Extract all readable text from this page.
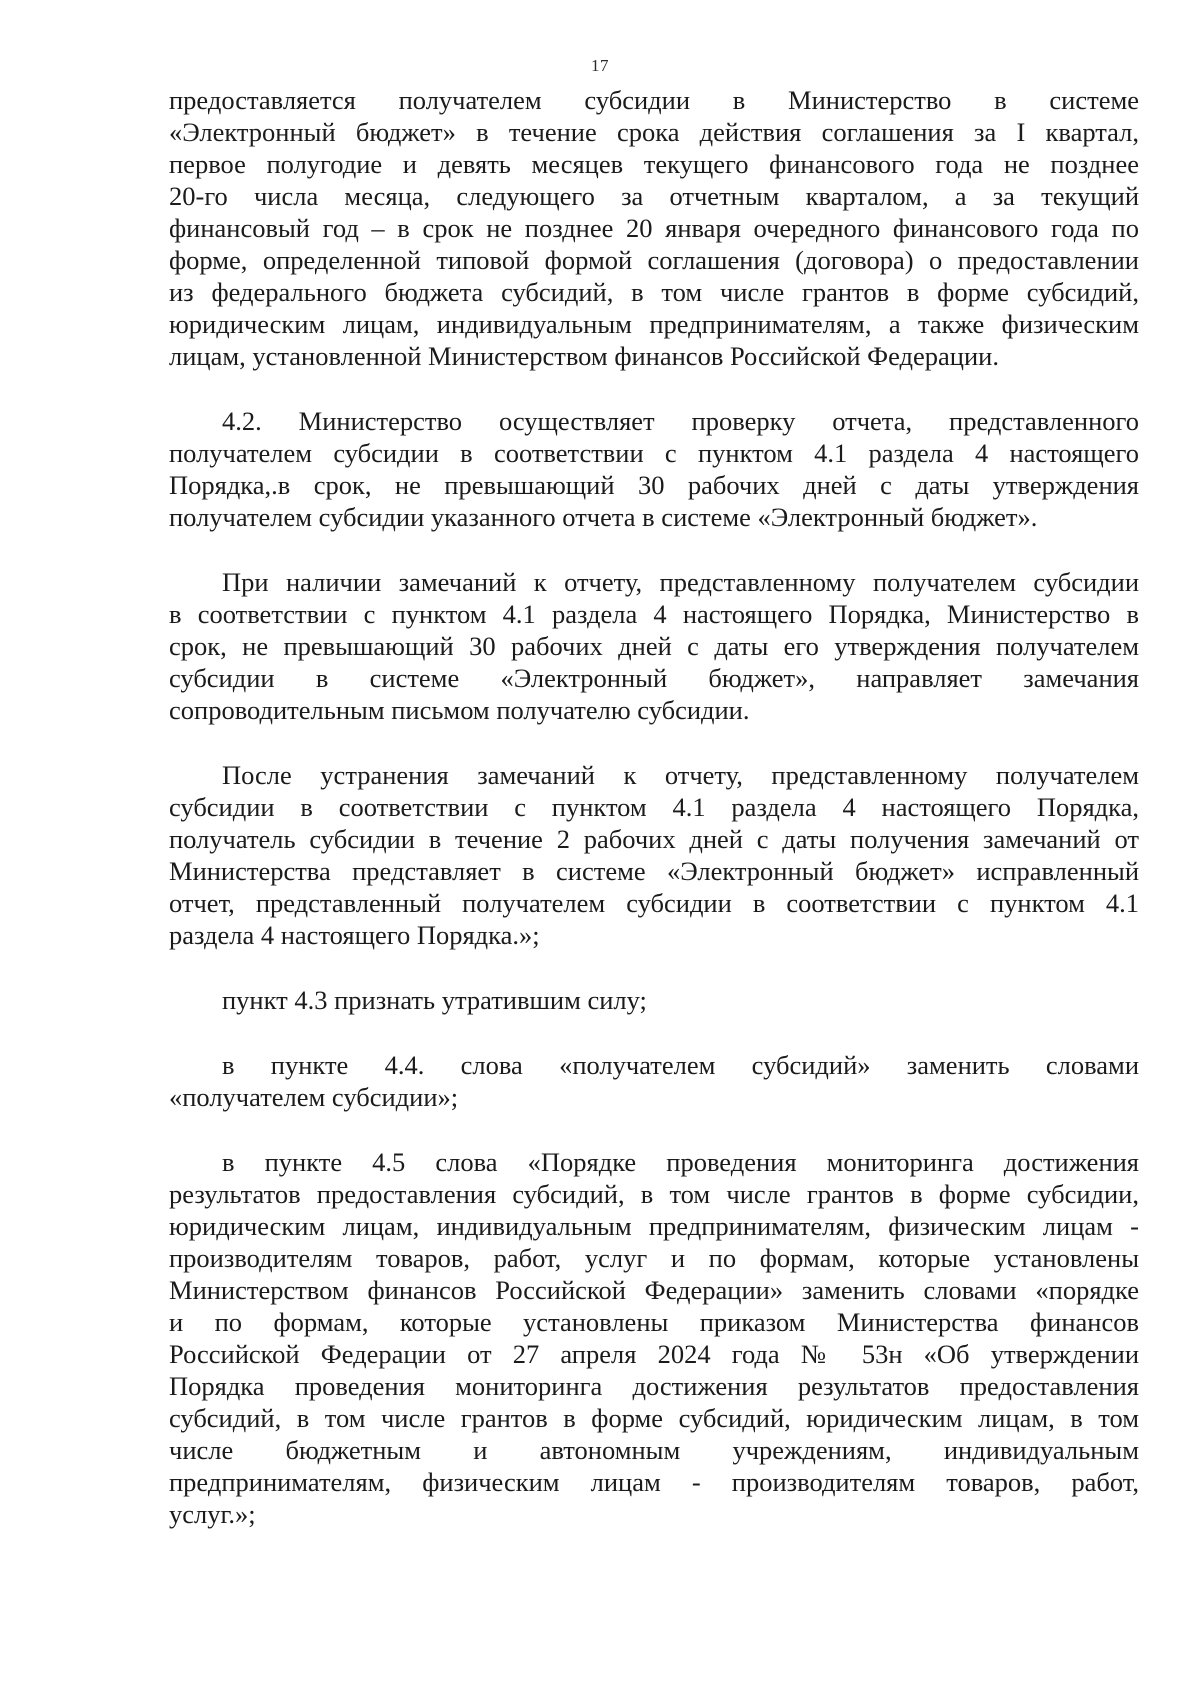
17
предоставляется получателем субсидии в Министерство в системе
«Электронный бюджет» в течение срока действия соглашения за I квартал,
первое полугодие и девять месяцев текущего финансового года не позднее
20-го числа месяца, следующего за отчетным кварталом, а за текущий
финансовый год – в срок не позднее 20 января очередного финансового года по
форме, определенной типовой формой соглашения (договора) о предоставлении
из федерального бюджета субсидий, в том числе грантов в форме субсидий,
юридическим лицам, индивидуальным предпринимателям, а также физическим
лицам, установленной Министерством финансов Российской Федерации.
4.2. Министерство осуществляет проверку отчета, представленного
получателем субсидии в соответствии с пунктом 4.1 раздела 4 настоящего
Порядка,.в срок, не превышающий 30 рабочих дней с даты утверждения
получателем субсидии указанного отчета в системе «Электронный бюджет».
При наличии замечаний к отчету, представленному получателем субсидии
в соответствии с пунктом 4.1 раздела 4 настоящего Порядка, Министерство в
срок, не превышающий 30 рабочих дней с даты его утверждения получателем
субсидии в системе «Электронный бюджет», направляет замечания
сопроводительным письмом получателю субсидии.
После устранения замечаний к отчету, представленному получателем
субсидии в соответствии с пунктом 4.1 раздела 4 настоящего Порядка,
получатель субсидии в течение 2 рабочих дней с даты получения замечаний от
Министерства представляет в системе «Электронный бюджет» исправленный
отчет, представленный получателем субсидии в соответствии с пунктом 4.1
раздела 4 настоящего Порядка.»;
пункт 4.3 признать утратившим силу;
в пункте 4.4. слова «получателем субсидий» заменить словами
«получателем субсидии»;
в пункте 4.5 слова «Порядке проведения мониторинга достижения
результатов предоставления субсидий, в том числе грантов в форме субсидии,
юридическим лицам, индивидуальным предпринимателям, физическим лицам -
производителям товаров, работ, услуг и по формам, которые установлены
Министерством финансов Российской Федерации» заменить словами «порядке
и по формам, которые установлены приказом Министерства финансов
Российской Федерации от 27 апреля 2024 года № 53н «Об утверждении
Порядка проведения мониторинга достижения результатов предоставления
субсидий, в том числе грантов в форме субсидий, юридическим лицам, в том
числе бюджетным и автономным учреждениям, индивидуальным
предпринимателям, физическим лицам - производителям товаров, работ,
услуг.»;
